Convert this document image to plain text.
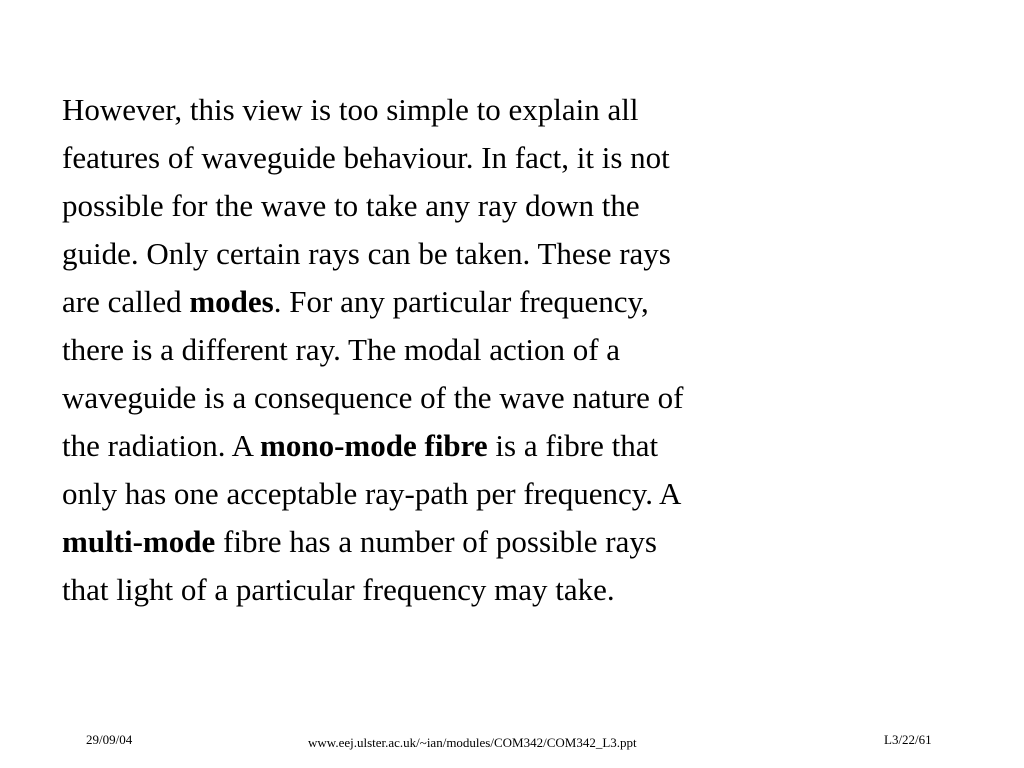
However, this view is too simple to explain all
features of waveguide behaviour. In fact, it is not
possible for the wave to take any ray down the
guide. Only certain rays can be taken. These rays
are called modes. For any particular frequency,
there is a different ray. The modal action of a
waveguide is a consequence of the wave nature of
the radiation. A mono-mode fibre is a fibre that
only has one acceptable ray-path per frequency. A
multi-mode fibre has a number of possible rays
that light of a particular frequency may take.
29/09/04	www.eej.ulster.ac.uk/~ian/modules/COM342/COM342_L3.ppt	L3/22/61
